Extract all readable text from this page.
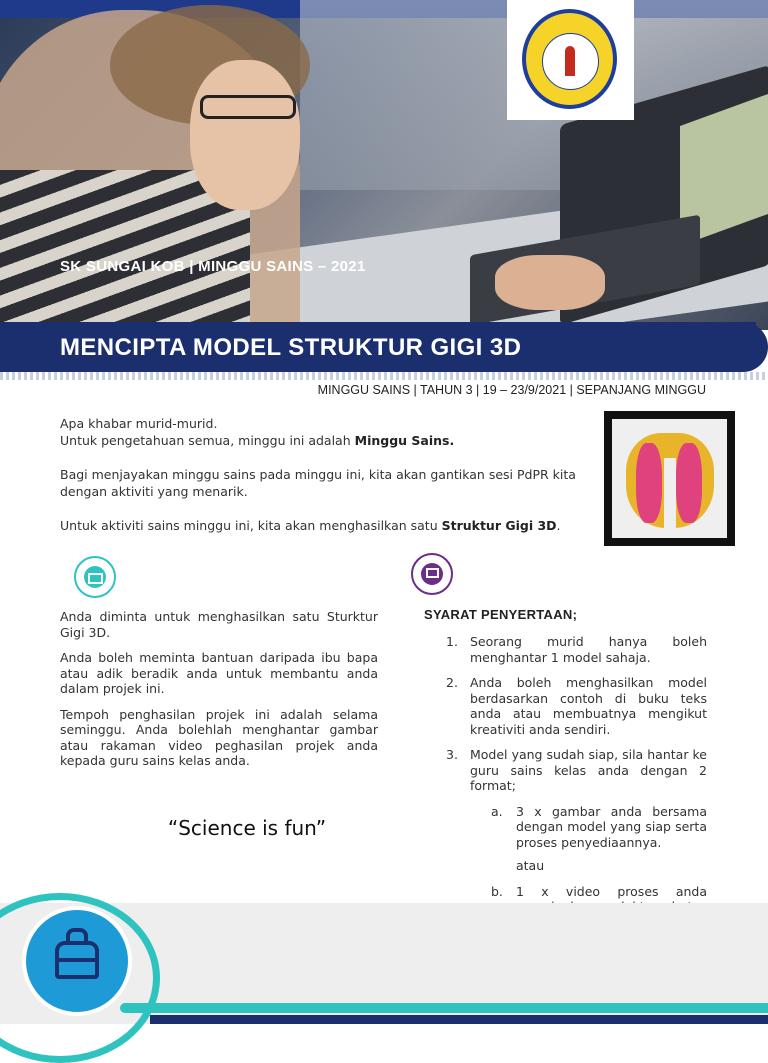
SK SUNGAI KOB | MINGGU SAINS – 2021
MENCIPTA MODEL STRUKTUR GIGI 3D
MINGGU SAINS | TAHUN 3 | 19 – 23/9/2021 | SEPANJANG MINGGU

Apa khabar murid-murid.
Untuk pengetahuan semua, minggu ini adalah Minggu Sains.

Bagi menjayakan minggu sains pada minggu ini, kita akan gantikan sesi PdPR kita dengan aktiviti yang menarik.

Untuk aktiviti sains minggu ini, kita akan menghasilkan satu Struktur Gigi 3D.

Anda diminta untuk menghasilkan satu Sturktur Gigi 3D.

Anda boleh meminta bantuan daripada ibu bapa atau adik beradik anda untuk membantu anda dalam projek ini.

Tempoh penghasilan projek ini adalah selama seminggu. Anda bolehlah menghantar gambar atau rakaman video peghasilan projek anda kepada guru sains kelas anda.

“Science is fun”
SYARAT PENYERTAAN;
1. Seorang murid hanya boleh menghantar 1 model sahaja.
2. Anda boleh menghasilkan model berdasarkan contoh di buku teks anda atau membuatnya mengikut kreativiti anda sendiri.
3. Model yang sudah siap, sila hantar ke guru sains kelas anda dengan 2 format;
a. 3 x gambar anda bersama dengan model yang siap serta proses penyediaannya.
atau
b. 1 x video proses anda
